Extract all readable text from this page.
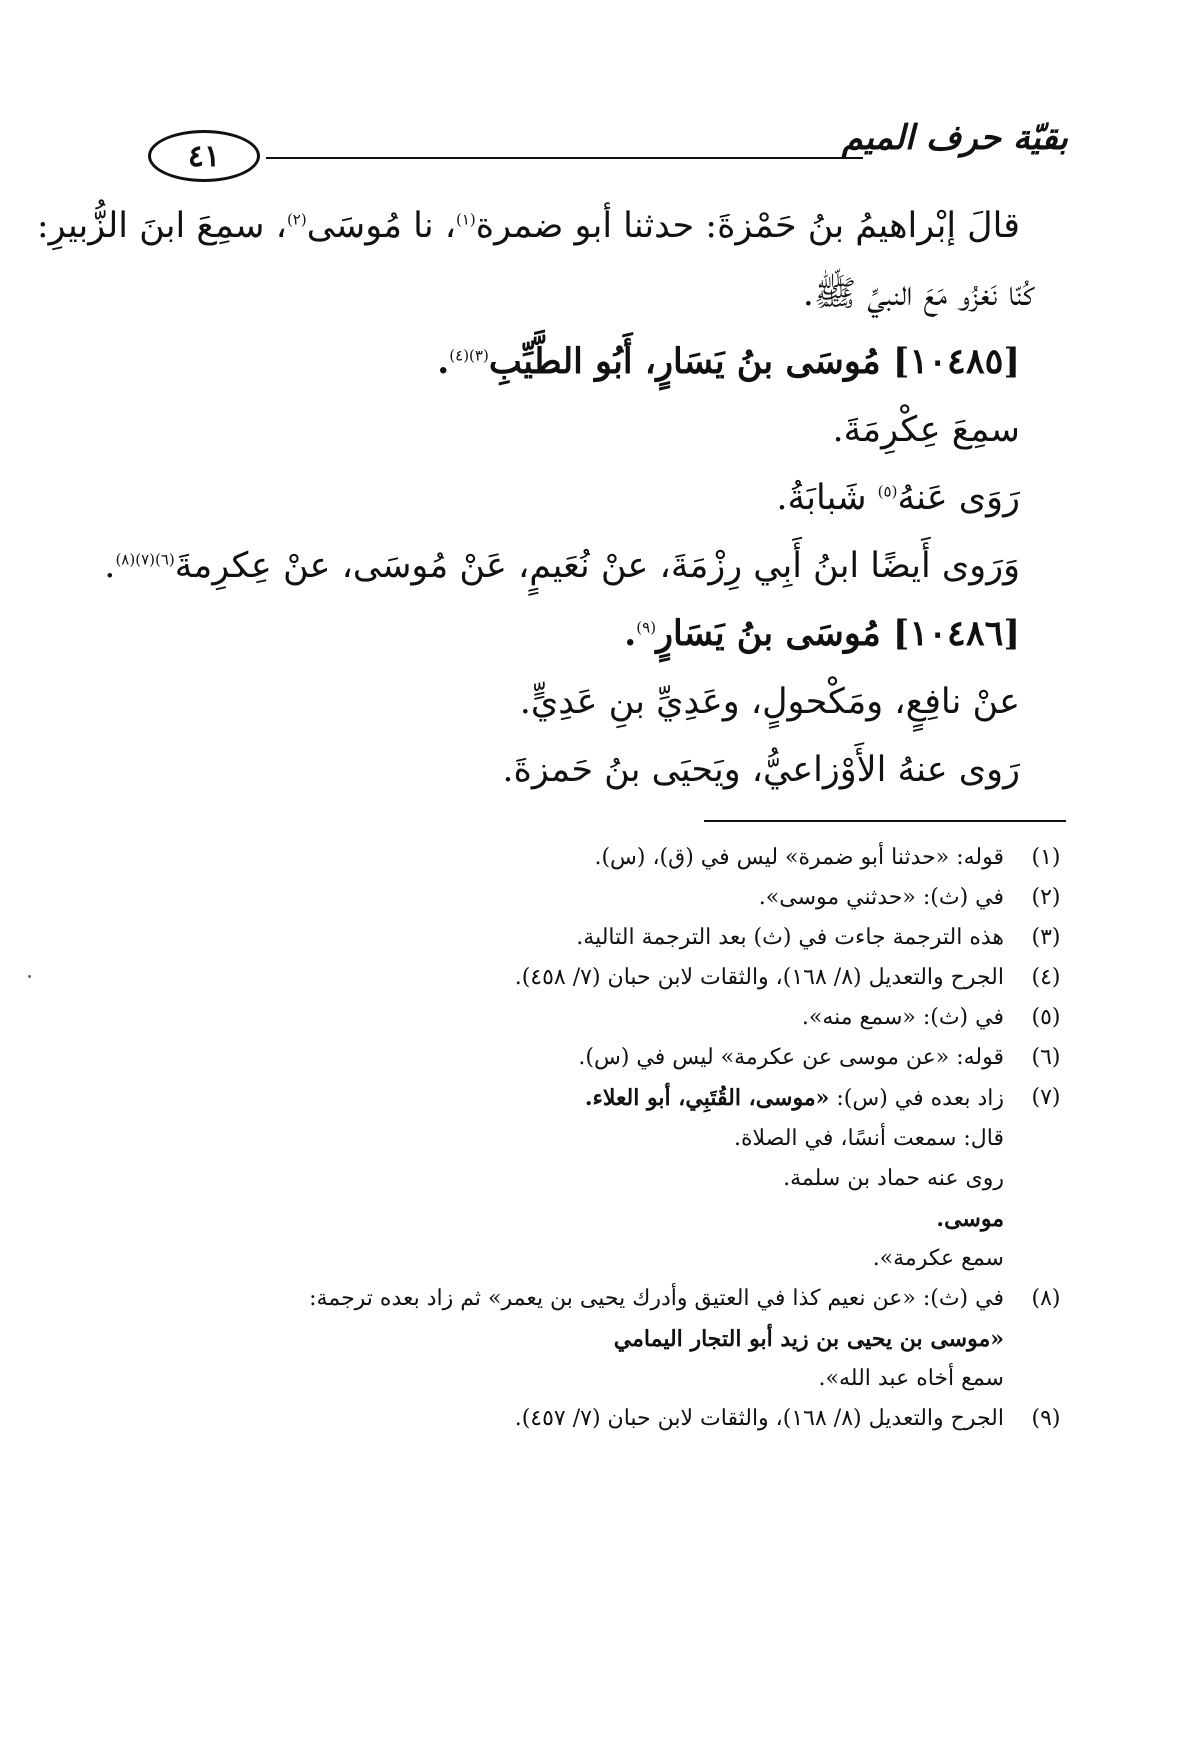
بقيّة حرف الميم
٤١
قالَ إبْراهيمُ بنُ حَمْزةَ: حدثنا أبو ضمرة$^{(١)}$، نا مُوسَى$^{(٢)}$، سمِعَ ابنَ الزُّبيرِ:
كُنّا نَغزُو مَعَ النبيِّ ﷺ.
[١٠٤٨٥] مُوسَى بنُ يَسَارٍ، أَبُو الطَّيِّبِ$^{(٣)(٤)}$.
سمِعَ عِكْرِمَةَ.
رَوَى عَنهُ$^{(٥)}$ شَبابَةُ.
وَرَوى أَيضًا ابنُ أَبِي رِزْمَةَ، عنْ نُعَيمٍ، عَنْ مُوسَى، عنْ عِكرِمةَ$^{(٦)(٧)(٨)}$.
[١٠٤٨٦] مُوسَى بنُ يَسَارٍ$^{(٩)}$.
عنْ نافِعٍ، ومَكْحولٍ، وعَدِيِّ بنِ عَدِيٍّ.
رَوى عنهُ الأَوْزاعيُّ، ويَحيَى بنُ حَمزةَ.
(١)
قوله: «حدثنا أبو ضمرة» ليس في (ق)، (س).
(٢)
في (ث): «حدثني موسى».
(٣)
هذه الترجمة جاءت في (ث) بعد الترجمة التالية.
(٤)
الجرح والتعديل (٨/ ١٦٨)، والثقات لابن حبان (٧/ ٤٥٨).
(٥)
في (ث): «سمع منه».
(٦)
قوله: «عن موسى عن عكرمة» ليس في (س).
(٧)
زاد بعده في (س): «موسى، القُتَبِي، أبو العلاء.
قال: سمعت أنسًا، في الصلاة.
روى عنه حماد بن سلمة.
موسى.
سمع عكرمة».
(٨)
في (ث): «عن نعيم كذا في العتيق وأدرك يحيى بن يعمر» ثم زاد بعده ترجمة:
«موسى بن يحيى بن زيد أبو التجار اليمامي
سمع أخاه عبد الله».
(٩)
الجرح والتعديل (٨/ ١٦٨)، والثقات لابن حبان (٧/ ٤٥٧).
